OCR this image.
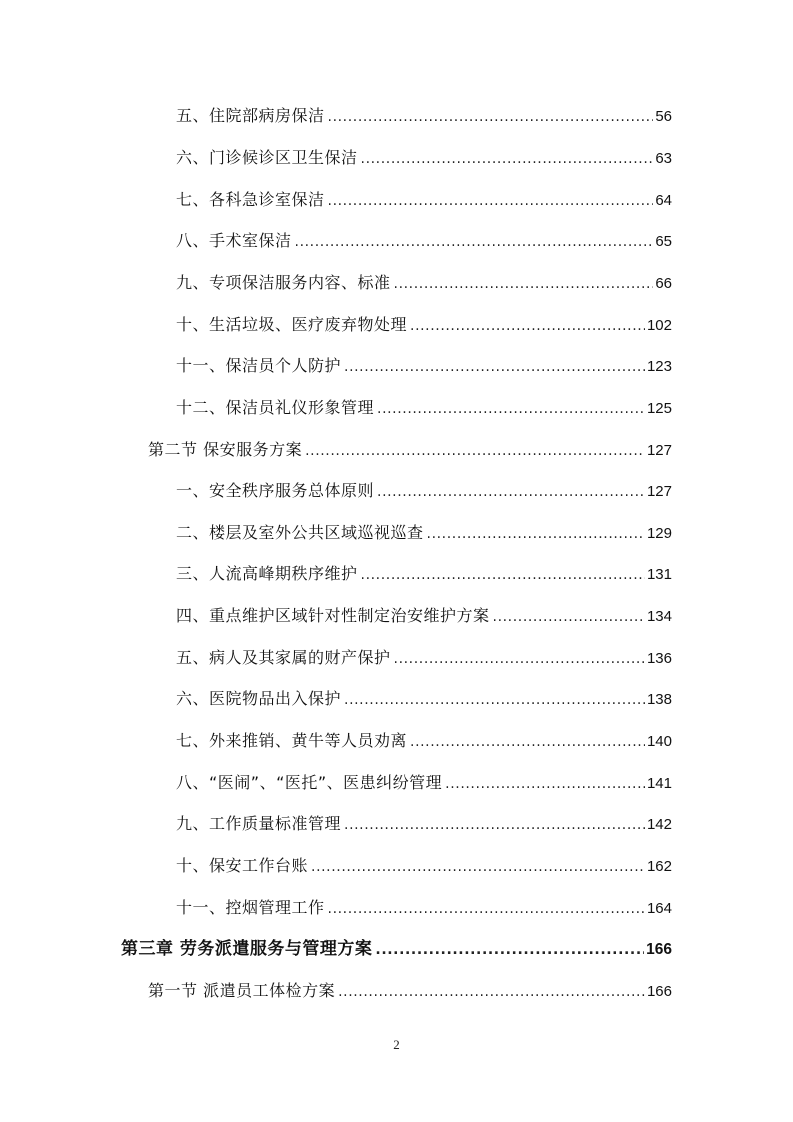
五、住院部病房保洁 .....	56
六、门诊候诊区卫生保洁 .....	63
七、各科急诊室保洁 .....	64
八、手术室保洁 .....	65
九、专项保洁服务内容、标准 .....	66
十、生活垃圾、医疗废弃物处理 .....	102
十一、保洁员个人防护 .....	123
十二、保洁员礼仪形象管理 .....	125
第二节 保安服务方案 .....	127
一、安全秩序服务总体原则 .....	127
二、楼层及室外公共区域巡视巡查 .....	129
三、人流高峰期秩序维护 .....	131
四、重点维护区域针对性制定治安维护方案 .....	134
五、病人及其家属的财产保护 .....	136
六、医院物品出入保护 .....	138
七、外来推销、黄牛等人员劝离 .....	140
八、“医闹”、“医托”、医患纠纷管理 .....	141
九、工作质量标准管理 .....	142
十、保安工作台账 .....	162
十一、控烟管理工作 .....	164
第三章 劳务派遣服务与管理方案 .....	166
第一节 派遣员工体检方案 .....	166
2
